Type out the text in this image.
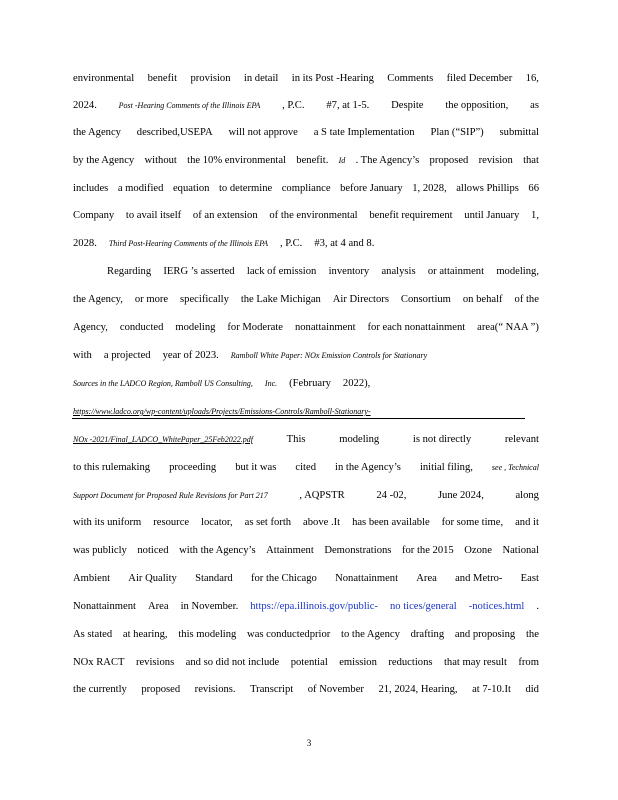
environmental benefit provision in detail in its Post -Hearing Comments filed December 16,
2024.	Post -Hearing Comments of the Illinois EPA , P.C. #7, at 1-5. Despite the opposition, as
the Agency described,USEPA will not approve a S tate Implementation Plan (“SIP”) submittal
by the Agency without the 10% environmental benefit. Id . The Agency’s proposed revision that
includes a modified equation to determine compliance before January 1, 2028, allows Phillips 66
Company to avail itself of an extension of the environmental benefit requirement until January 1,
2028. Third Post-Hearing Comments of the Illinois EPA , P.C. #3, at 4 and 8.
Regarding IERG ’s asserted lack of emission inventory analysis or attainment modeling,
the Agency, or more specifically the Lake Michigan Air Directors Consortium on behalf of the
Agency, conducted modeling for Moderate nonattainment for each nonattainment area(“ NAA ”)
with a projected year of 2023. Ramboll White Paper: NOx Emission Controls for Stationary
Sources in the LADCO Region, Ramboll US Consulting, Inc. (February 2022),
https://www.ladco.org/wp-content/uploads/Projects/Emissions-Controls/Ramboll-Stationary-
NOx -2021/Final_LADCO_WhitePaper_25Feb2022.pdf	This	modeling	is not directly	relevant
to this rulemaking proceeding but it was cited in the Agency’s initial filing, see , Technical
Support Document for Proposed Rule Revisions for Part 217	, AQPSTR	24 -02,	June 2024,	along
with its uniform resource locator, as set forth above .It has been available for some time, and it
was publicly noticed with the Agency’s Attainment Demonstrations for the 2015 Ozone National
Ambient Air Quality Standard for the Chicago Nonattainment Area and Metro- East
Nonattainment Area in November. https://epa.illinois.gov/public- no tices/general -notices.html .
As stated at hearing, this modeling was conductedprior to the Agency drafting and proposing the
NOx RACT revisions and so did not include potential emission reductions that may result from
the currently proposed revisions. Transcript of November 21, 2024, Hearing, at 7-10.It did
3
